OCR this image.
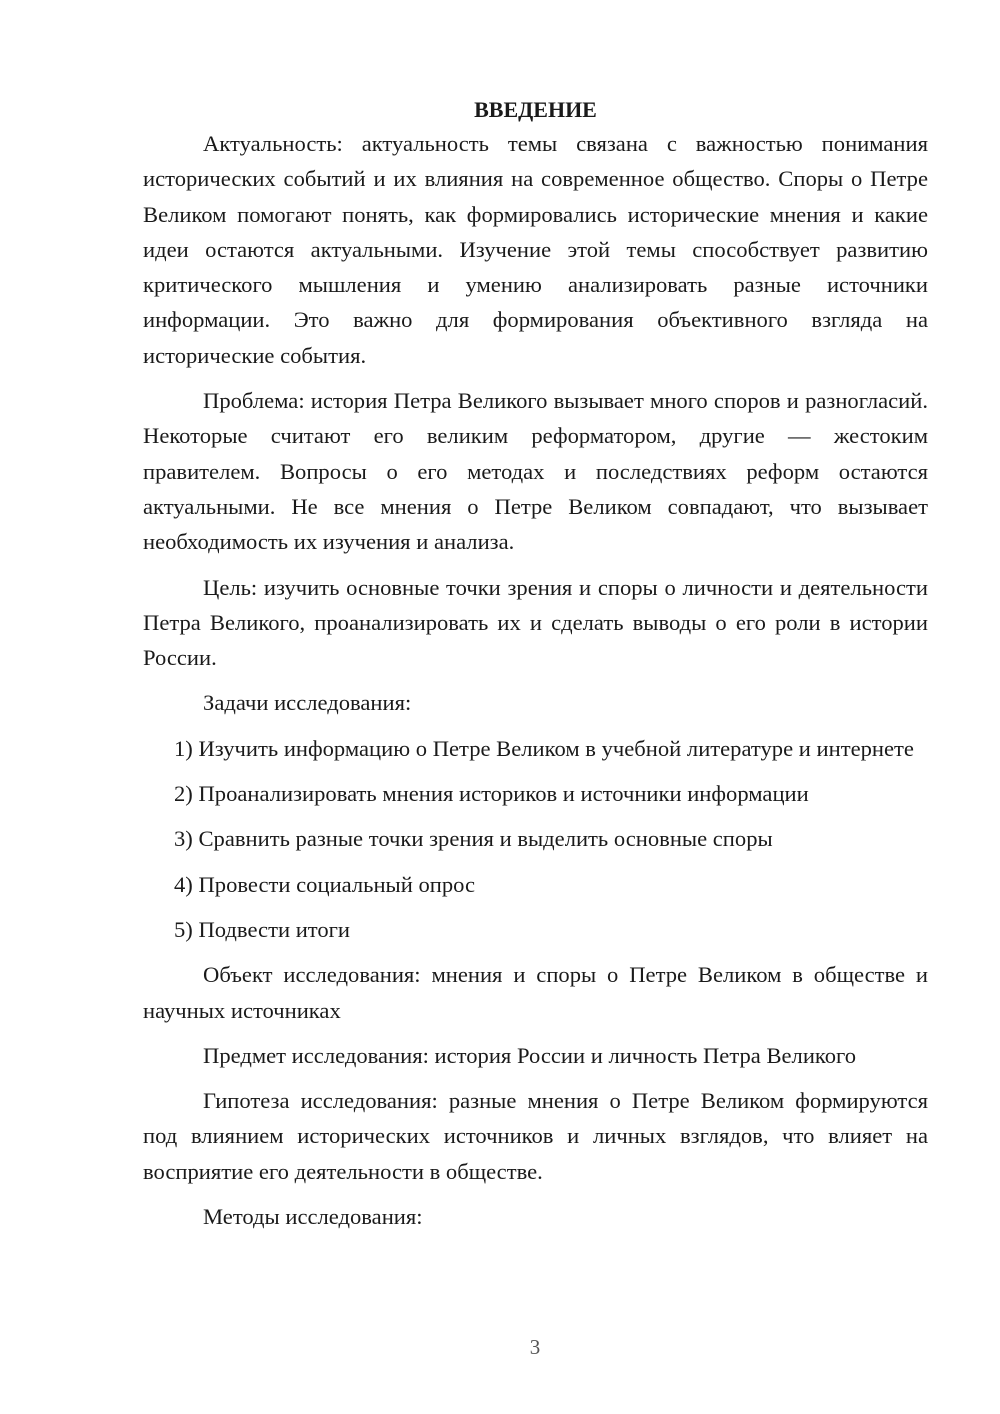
ВВЕДЕНИЕ

Актуальность: актуальность темы связана с важностью понимания исторических событий и их влияния на современное общество. Споры о Петре Великом помогают понять, как формировались исторические мнения и какие идеи остаются актуальными. Изучение этой темы способствует развитию критического мышления и умению анализировать разные источники информации. Это важно для формирования объективного взгляда на исторические события.

Проблема: история Петра Великого вызывает много споров и разногласий. Некоторые считают его великим реформатором, другие — жестоким правителем. Вопросы о его методах и последствиях реформ остаются актуальными. Не все мнения о Петре Великом совпадают, что вызывает необходимость их изучения и анализа.

Цель: изучить основные точки зрения и споры о личности и деятельности Петра Великого, проанализировать их и сделать выводы о его роли в истории России.

Задачи исследования:

1) Изучить информацию о Петре Великом в учебной литературе и интернете

2) Проанализировать мнения историков и источники информации

3) Сравнить разные точки зрения и выделить основные споры

4) Провести социальный опрос

5) Подвести итоги

Объект исследования: мнения и споры о Петре Великом в обществе и научных источниках

Предмет исследования: история России и личность Петра Великого

Гипотеза исследования: разные мнения о Петре Великом формируются под влиянием исторических источников и личных взглядов, что влияет на восприятие его деятельности в обществе.

Методы исследования:

3
